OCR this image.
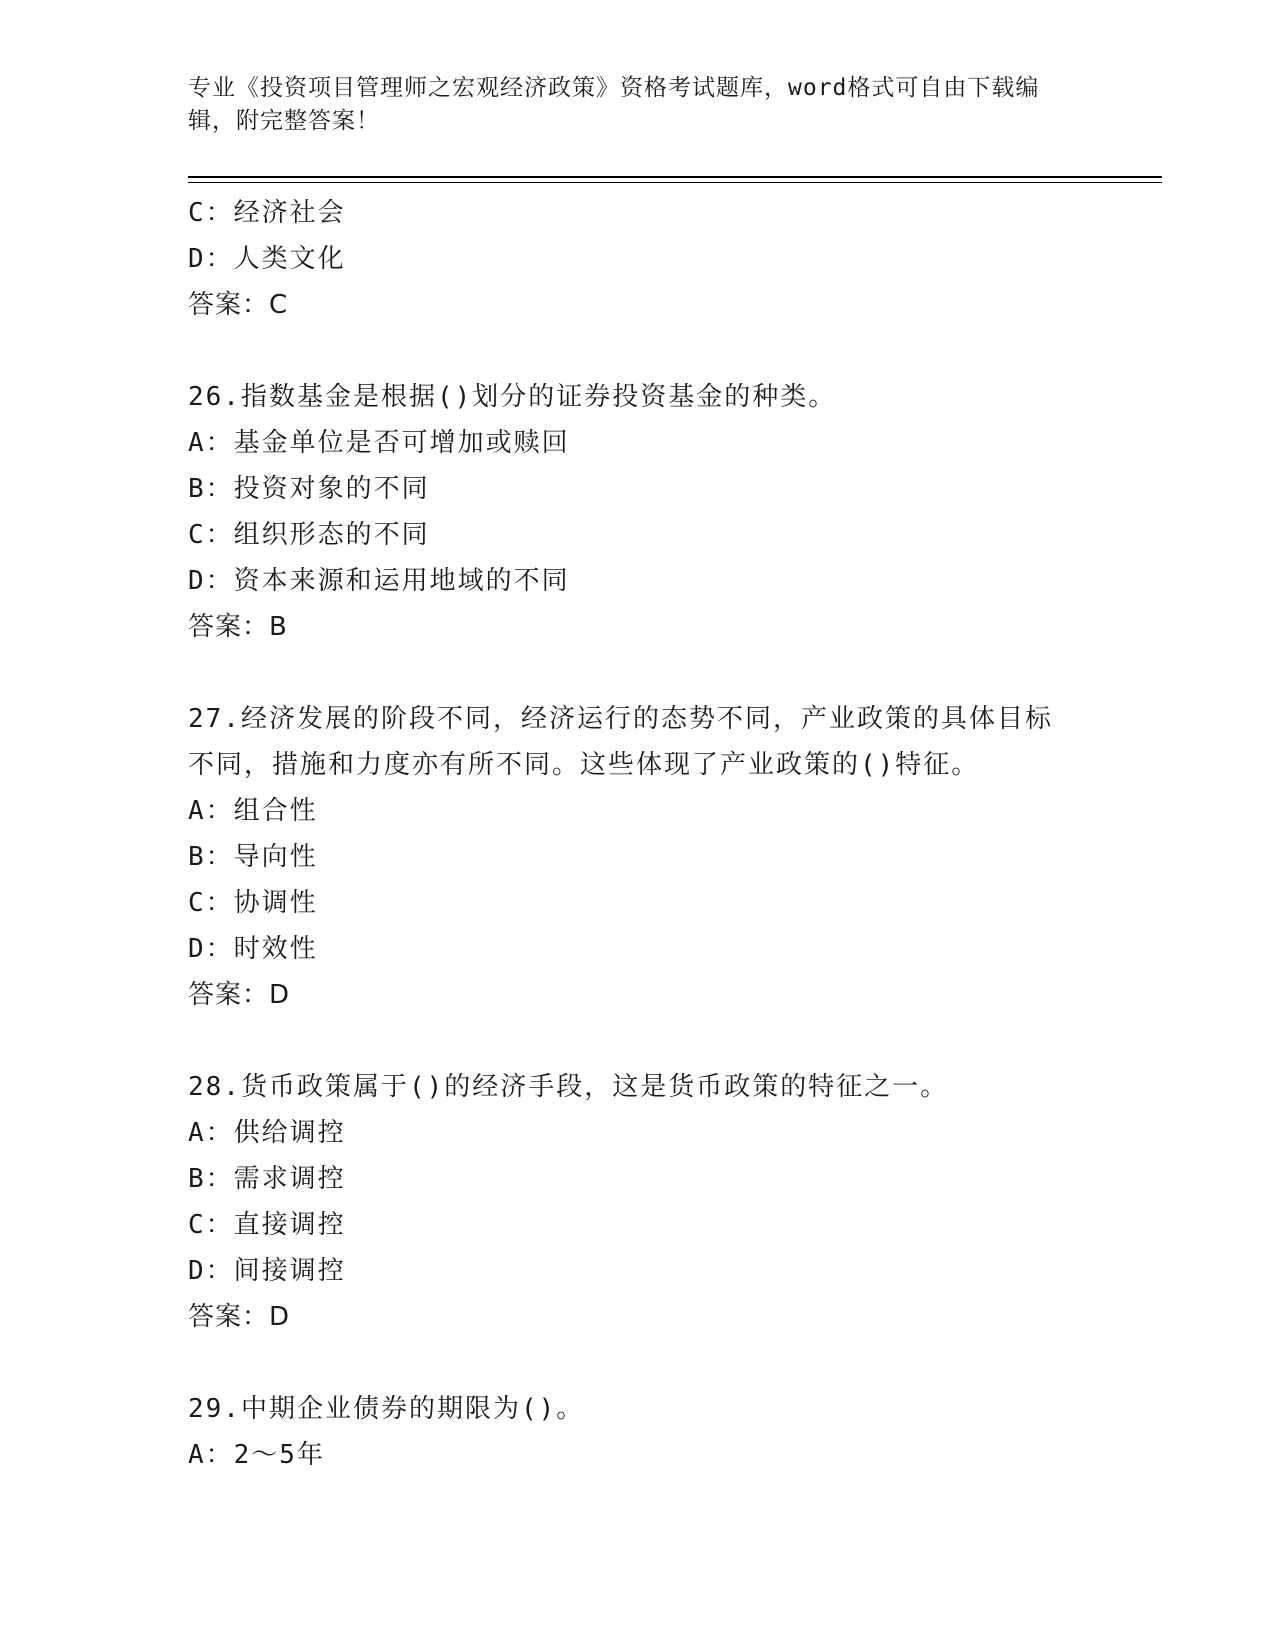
专业《投资项目管理师之宏观经济政策》资格考试题库，word格式可自由下载编
辑，附完整答案！
C：经济社会
D：人类文化
答案：C
26.指数基金是根据()划分的证券投资基金的种类。
A：基金单位是否可增加或赎回
B：投资对象的不同
C：组织形态的不同
D：资本来源和运用地域的不同
答案：B
27.经济发展的阶段不同，经济运行的态势不同，产业政策的具体目标
不同，措施和力度亦有所不同。这些体现了产业政策的()特征。
A：组合性
B：导向性
C：协调性
D：时效性
答案：D
28.货币政策属于()的经济手段，这是货币政策的特征之一。
A：供给调控
B：需求调控
C：直接调控
D：间接调控
答案：D
29.中期企业债券的期限为()。
A：2～5年
